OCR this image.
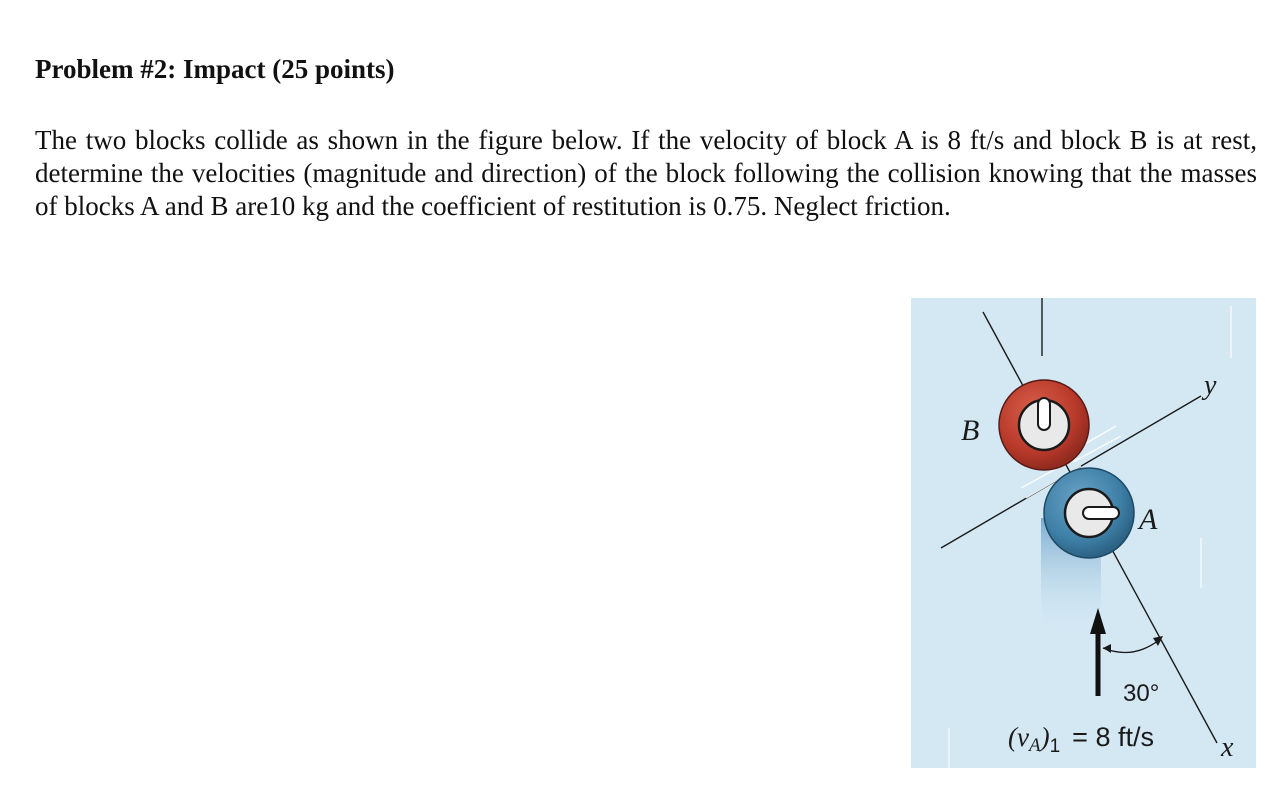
Problem #2: Impact (25 points)
The two blocks collide as shown in the figure below. If the velocity of block A is 8 ft/s and block B is at rest, determine the velocities (magnitude and direction) of the block following the collision knowing that the masses of blocks A and B are10 kg and the coefficient of restitution is 0.75. Neglect friction.
B
A
y
x
30°
$(vA)_1 = 8$ ft/s
